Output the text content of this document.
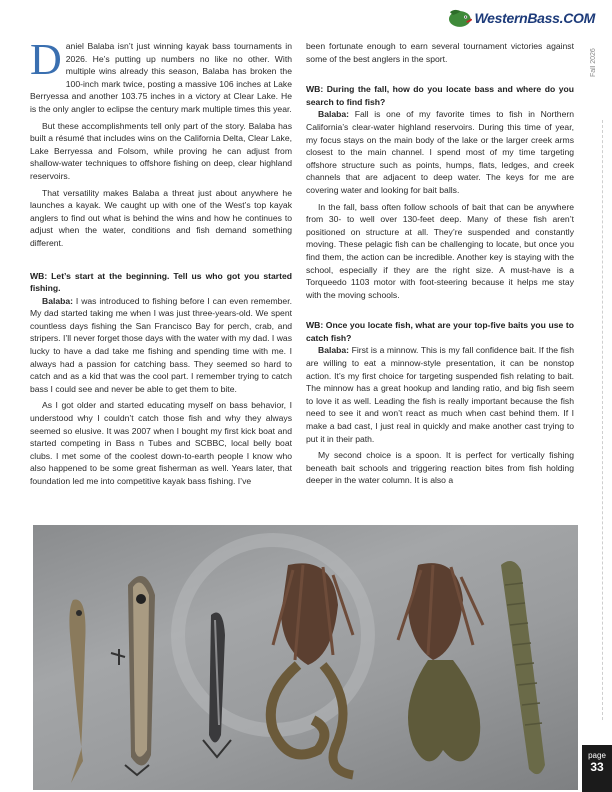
WesternBass.COM
Fall 2026

Daniel Balaba isn’t just winning kayak bass tournaments in 2026. He’s putting up numbers no like no other. With multiple wins already this season, Balaba has broken the 100-inch mark twice, posting a massive 106 inches at Lake Berryessa and another 103.75 inches in a victory at Clear Lake. He is the only angler to eclipse the century mark multiple times this year.

But these accomplishments tell only part of the story. Balaba has built a résumé that includes wins on the California Delta, Clear Lake, Lake Berryessa and Folsom, while proving he can adjust from shallow-water techniques to offshore fishing on deep, clear highland reservoirs.

That versatility makes Balaba a threat just about anywhere he launches a kayak. We caught up with one of the West’s top kayak anglers to find out what is behind the wins and how he continues to adjust when the water, conditions and fish demand something different.

WB: Let’s start at the beginning. Tell us who got you started fishing.

Balaba: I was introduced to fishing before I can even remember. My dad started taking me when I was just three-years-old. We spent countless days fishing the San Francisco Bay for perch, crab, and stripers. I’ll never forget those days with the water with my dad. I was lucky to have a dad take me fishing and spending time with me. I always had a passion for catching bass. They seemed so hard to catch and as a kid that was the cool part. I remember trying to catch bass I could see and never be able to get them to bite.

As I got older and started educating myself on bass behavior, I understood why I couldn’t catch those fish and why they always seemed so elusive. It was 2007 when I bought my first kick boat and started competing in Bass n Tubes and SCBBC, local belly boat clubs. I met some of the coolest down-to-earth people I know who also happened to be some great fisherman as well. Years later, that foundation led me into competitive kayak bass fishing. I’ve

been fortunate enough to earn several tournament victories against some of the best anglers in the sport.

WB: During the fall, how do you locate bass and where do you search to find fish?

Balaba: Fall is one of my favorite times to fish in Northern California’s clear-water highland reservoirs. During this time of year, my focus stays on the main body of the lake or the larger creek arms closest to the main channel. I spend most of my time targeting offshore structure such as points, humps, flats, ledges, and creek channels that are adjacent to deep water. The keys for me are covering water and looking for bait balls.

In the fall, bass often follow schools of bait that can be anywhere from 30- to well over 130-feet deep. Many of these fish aren’t positioned on structure at all. They’re suspended and constantly moving. These pelagic fish can be challenging to locate, but once you find them, the action can be incredible. Another key is staying with the school, especially if they are the right size. A must-have is a Torqueedo 1103 motor with foot-steering because it helps me stay with the moving schools.

WB: Once you locate fish, what are your top-five baits you use to catch fish?

Balaba: First is a minnow. This is my fall confidence bait. If the fish are willing to eat a minnow-style presentation, it can be nonstop action. It’s my first choice for targeting suspended fish relating to bait. The minnow has a great hookup and landing ratio, and big fish seem to love it as well. Leading the fish is really important because the fish need to see it and won’t react as much when cast behind them. If I make a bad cast, I just real in quickly and make another cast trying to put it in their path.

My second choice is a spoon. It is perfect for vertically fishing beneath bait schools and triggering reaction bites from fish holding deeper in the water column. It is also a

page
33
